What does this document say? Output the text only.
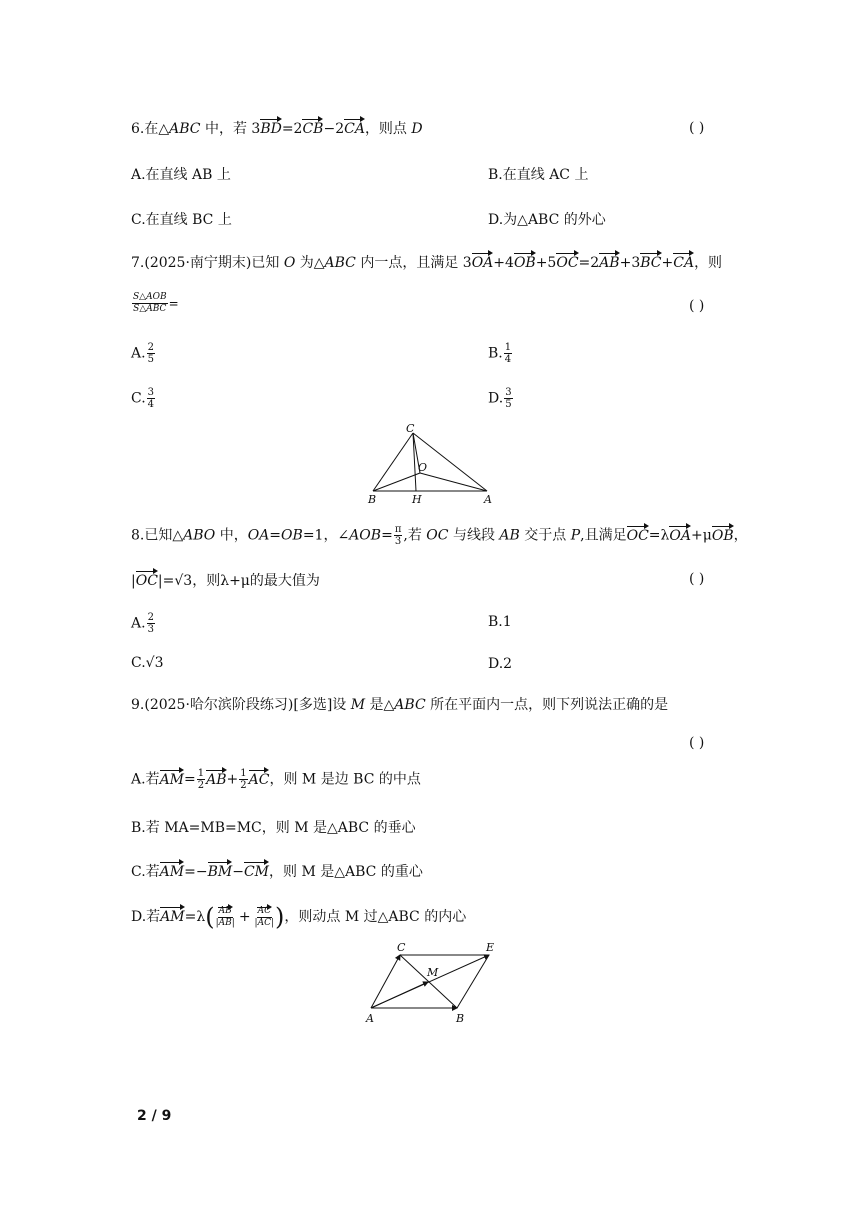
6.在△ABC 中，若 3BD=2CB−2CA，则点 D	( )
A.在直线 AB 上	B.在直线 AC 上
C.在直线 BC 上	D.为△ABC 的外心
7.(2025·南宁期末)已知 O 为△ABC 内一点，且满足 3OA+4OB+5OC=2AB+3BC+CA，则
$\frac{\text{S△AOB}}{\text{S△ABC}}$ =	( )
A. $\frac{2}{5}$	B. $\frac{1}{4}$
C. $\frac{3}{4}$	D. $\frac{3}{5}$
C
O
B	H	A
8.已知△ABO 中，OA=OB=1，∠AOB= $\frac{\pi}{3}$ ,若 OC 与线段 AB 交于点 P,且满足OC=λOA+μOB，
|OC|=√3，则λ+μ的最大值为	( )
A. $\frac{2}{3}$	B.1
C.√3	D.2
9.(2025·哈尔滨阶段练习)[多选]设 M 是△ABC 所在平面内一点，则下列说法正确的是
( )
A.若$AM= \frac{1}{2} AB+ \frac{1}{2}$ AC，则 M 是边 BC 的中点
B.若 MA=MB=MC，则 M 是△ABC 的垂心
C.若AM=−BM−CM，则 M 是△ABC 的重心
D.若$AM=\lambda( \frac{AB}{|AB|} + \frac{AC}{|AC|}$ )，则动点 M 过△ABC 的内心
C	E
M
A	B
2 / 9
